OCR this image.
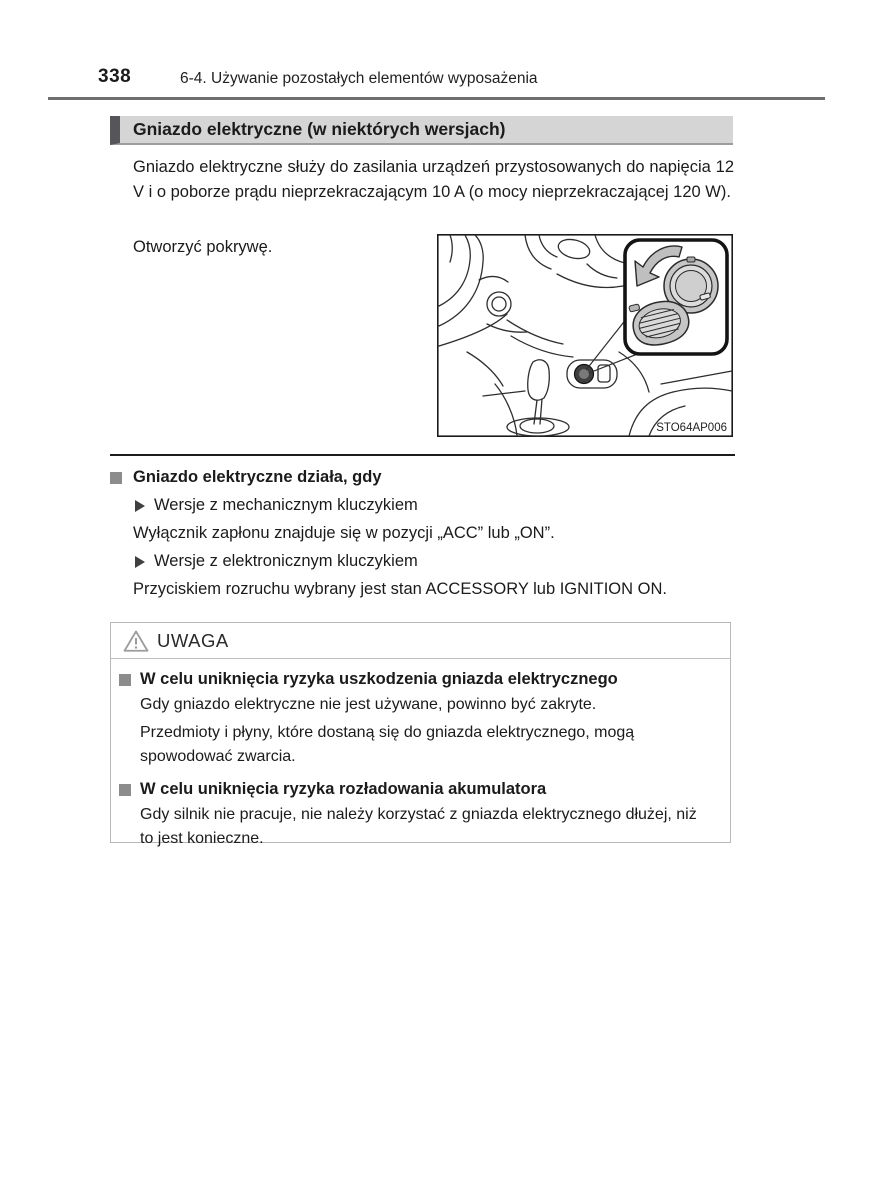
338	6-4. Używanie pozostałych elementów wyposażenia
Gniazdo elektryczne (w niektórych wersjach)

Gniazdo elektryczne służy do zasilania urządzeń przystosowanych do napięcia 12 V i o poborze prądu nieprzekraczającym 10 A (o mocy nieprzekraczającej 120 W).

Otworzyć pokrywę.

STO64AP006
Gniazdo elektryczne działa, gdy
Wersje z mechanicznym kluczykiem

Wyłącznik zapłonu znajduje się w pozycji „ACC” lub „ON”.

Wersje z elektronicznym kluczykiem

Przyciskiem rozruchu wybrany jest stan ACCESSORY lub IGNITION ON.

UWAGA
W celu uniknięcia ryzyka uszkodzenia gniazda elektrycznego

Gdy gniazdo elektryczne nie jest używane, powinno być zakryte.

Przedmioty i płyny, które dostaną się do gniazda elektrycznego, mogą spowodować zwarcia.

W celu uniknięcia ryzyka rozładowania akumulatora

Gdy silnik nie pracuje, nie należy korzystać z gniazda elektrycznego dłużej, niż to jest konieczne.
